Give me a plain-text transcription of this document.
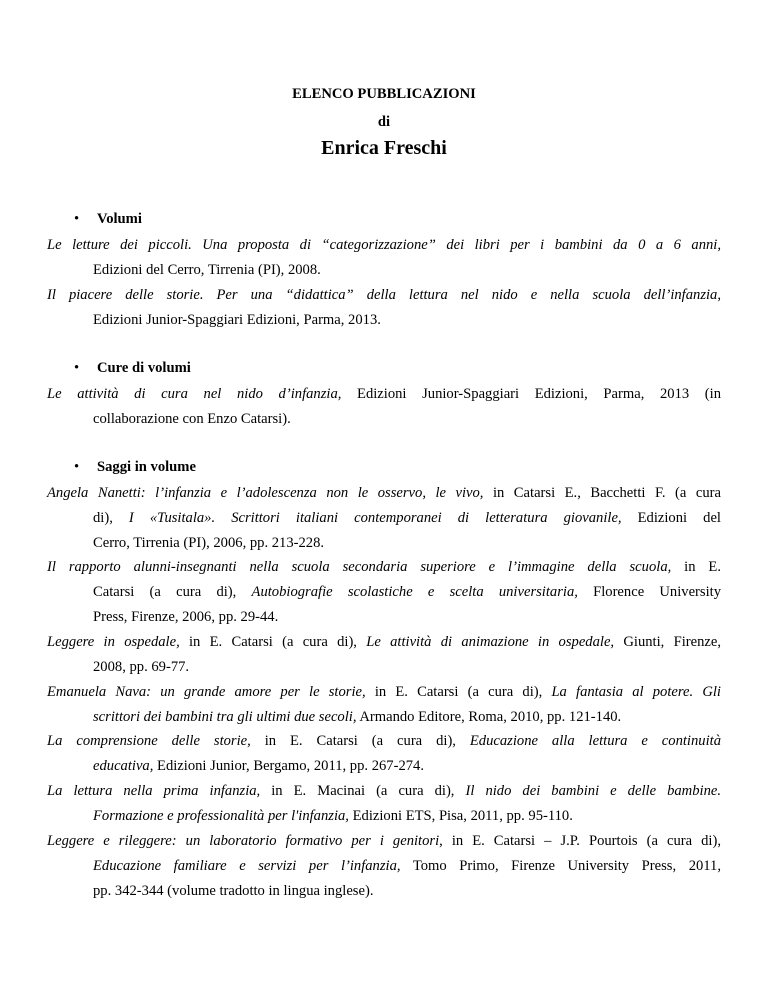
ELENCO PUBBLICAZIONI
di
Enrica Freschi
• Volumi
Le letture dei piccoli. Una proposta di “categorizzazione” dei libri per i bambini da 0 a 6 anni,
Edizioni del Cerro, Tirrenia (PI), 2008.
Il piacere delle storie. Per una “didattica” della lettura nel nido e nella scuola dell’infanzia,
Edizioni Junior-Spaggiari Edizioni, Parma, 2013.
• Cure di volumi
Le attività di cura nel nido d’infanzia, Edizioni Junior-Spaggiari Edizioni, Parma, 2013 (in
collaborazione con Enzo Catarsi).
• Saggi in volume
Angela Nanetti: l’infanzia e l’adolescenza non le osservo, le vivo, in Catarsi E., Bacchetti F. (a cura
di), I «Tusitala». Scrittori italiani contemporanei di letteratura giovanile, Edizioni del
Cerro, Tirrenia (PI), 2006, pp. 213-228.
Il rapporto alunni-insegnanti nella scuola secondaria superiore e l’immagine della scuola, in E.
Catarsi (a cura di), Autobiografie scolastiche e scelta universitaria, Florence University
Press, Firenze, 2006, pp. 29-44.
Leggere in ospedale, in E. Catarsi (a cura di), Le attività di animazione in ospedale, Giunti, Firenze,
2008, pp. 69-77.
Emanuela Nava: un grande amore per le storie, in E. Catarsi (a cura di), La fantasia al potere. Gli
scrittori dei bambini tra gli ultimi due secoli, Armando Editore, Roma, 2010, pp. 121-140.
La comprensione delle storie, in E. Catarsi (a cura di), Educazione alla lettura e continuità
educativa, Edizioni Junior, Bergamo, 2011, pp. 267-274.
La lettura nella prima infanzia, in E. Macinai (a cura di), Il nido dei bambini e delle bambine.
Formazione e professionalità per l'infanzia, Edizioni ETS, Pisa, 2011, pp. 95-110.
Leggere e rileggere: un laboratorio formativo per i genitori, in E. Catarsi – J.P. Pourtois (a cura di),
Educazione familiare e servizi per l’infanzia, Tomo Primo, Firenze University Press, 2011,
pp. 342-344 (volume tradotto in lingua inglese).
